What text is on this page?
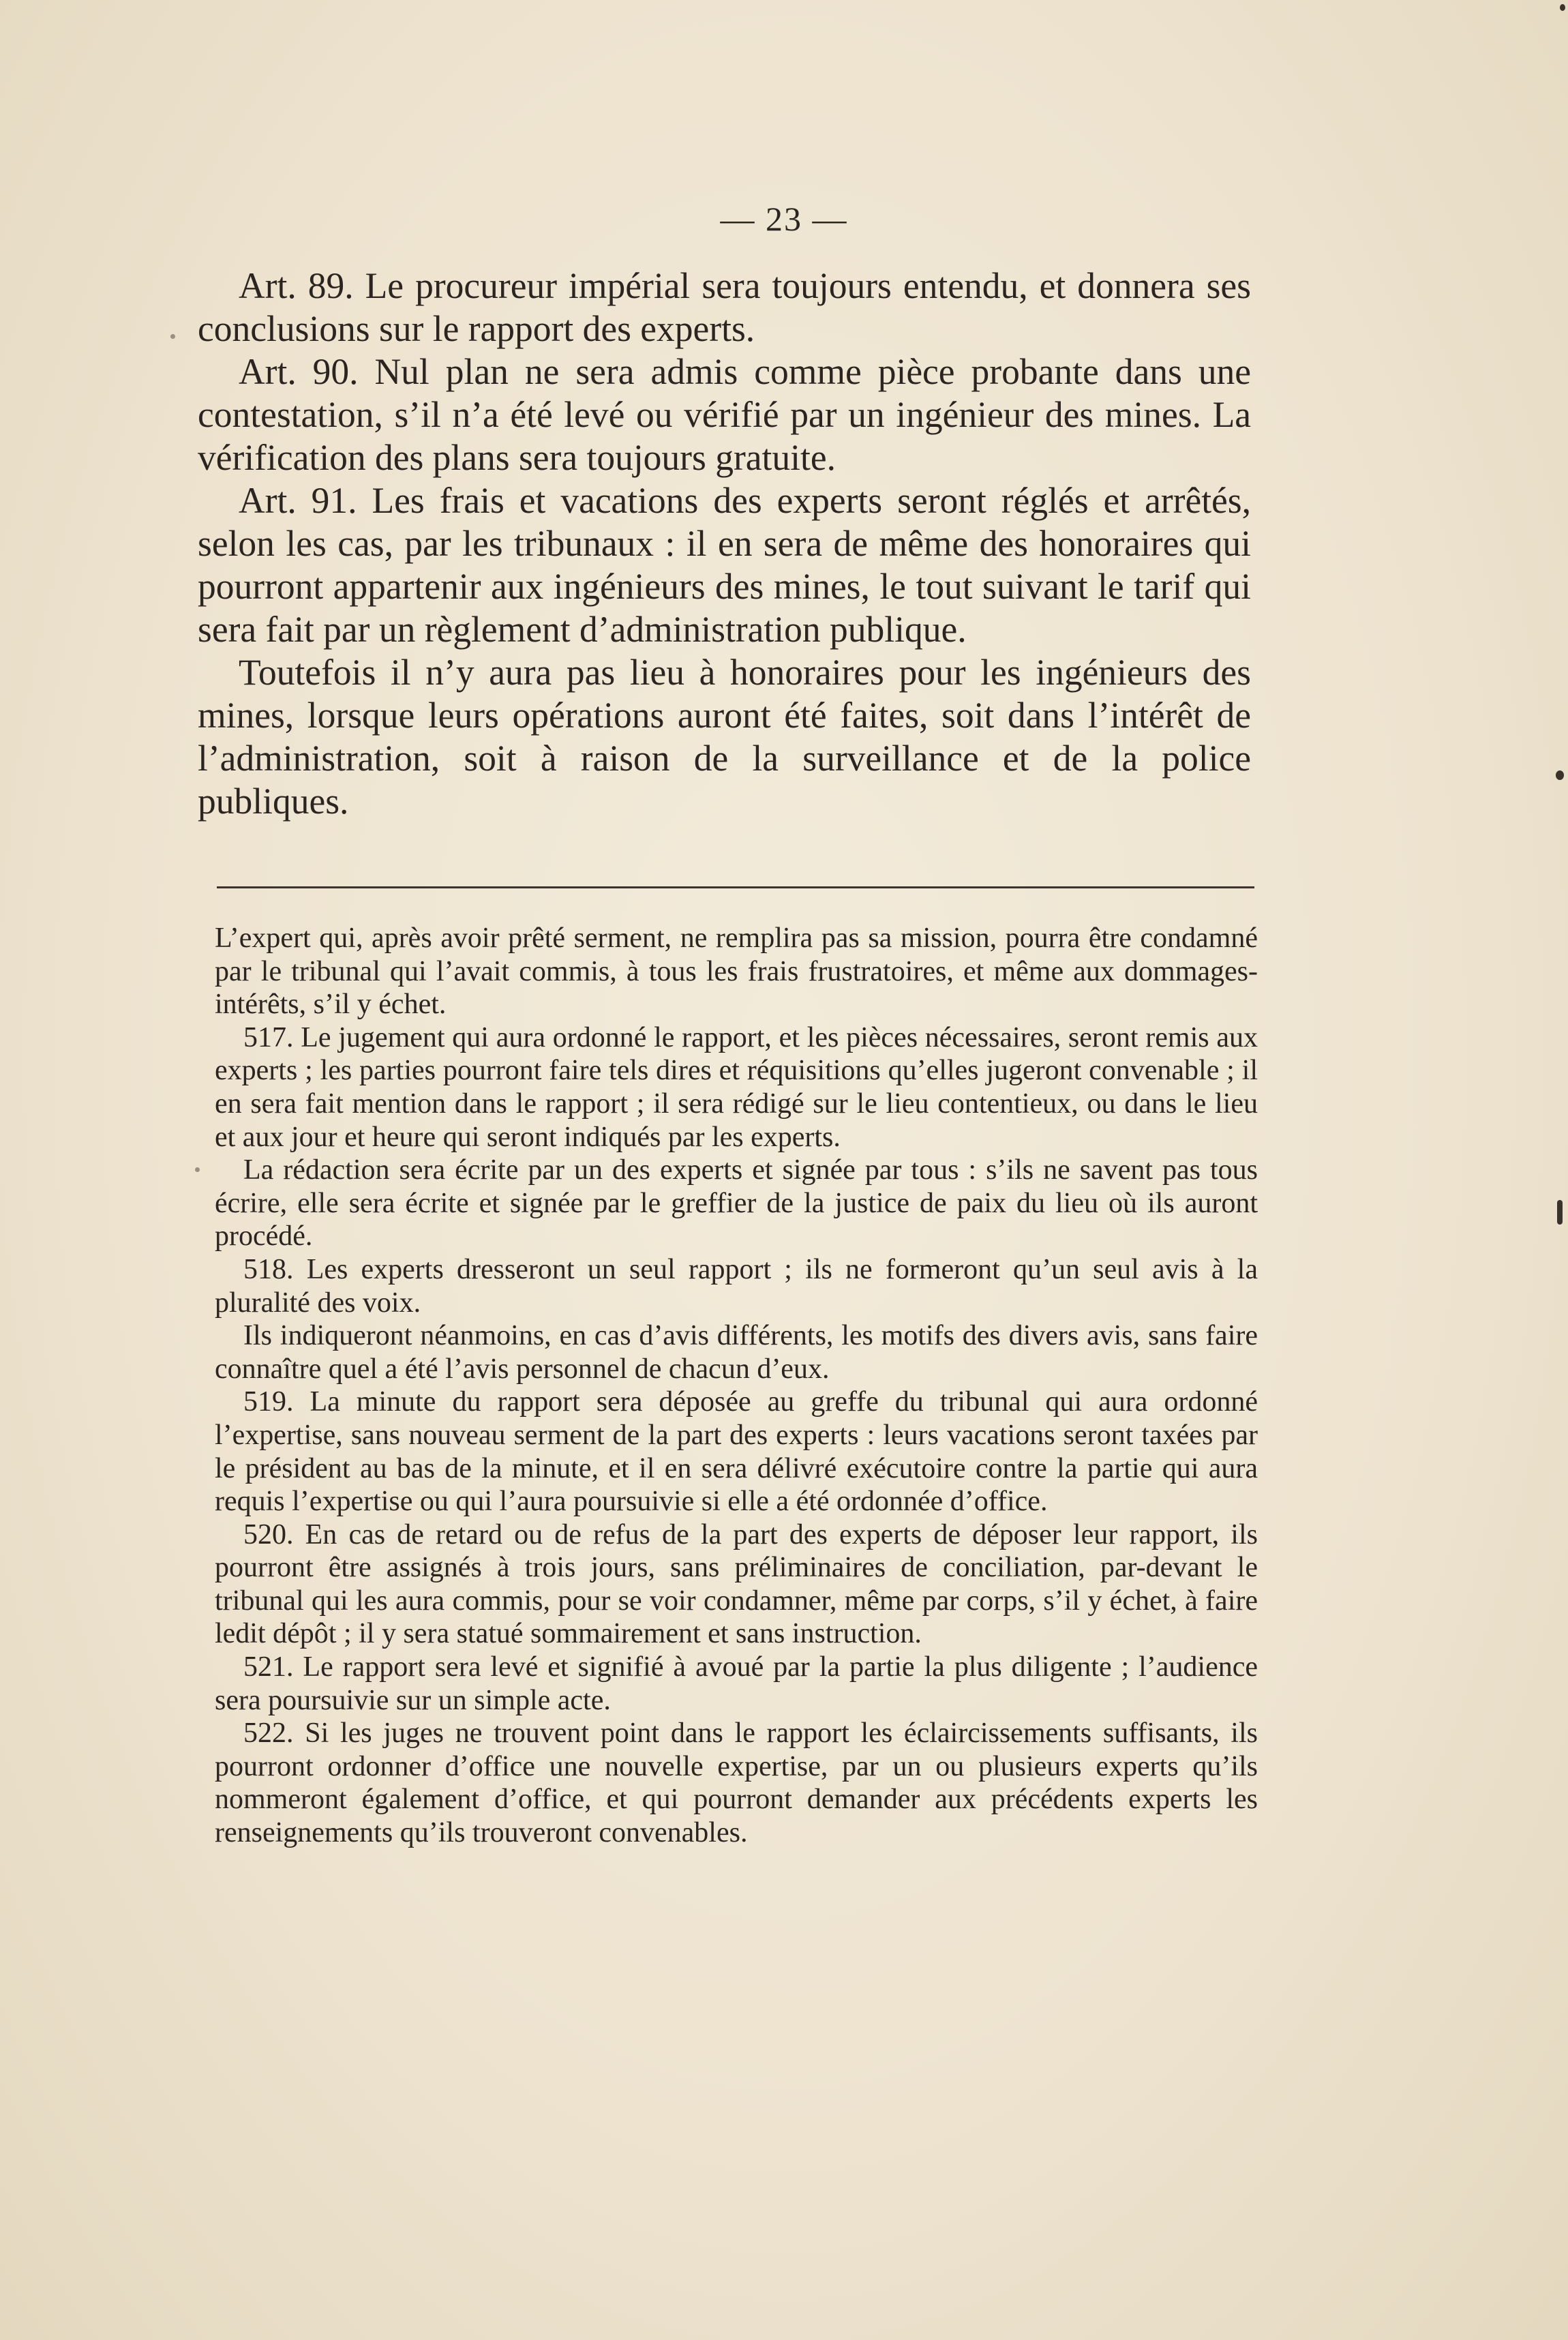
— 23 —

Art. 89. Le procureur impérial sera toujours entendu, et donnera ses conclusions sur le rapport des experts.

Art. 90. Nul plan ne sera admis comme pièce probante dans une contestation, s’il n’a été levé ou vérifié par un ingénieur des mines. La vérification des plans sera toujours gratuite.

Art. 91. Les frais et vacations des experts seront réglés et arrêtés, selon les cas, par les tribunaux : il en sera de même des honoraires qui pourront appartenir aux ingénieurs des mines, le tout suivant le tarif qui sera fait par un règlement d’administration publique.

Toutefois il n’y aura pas lieu à honoraires pour les ingénieurs des mines, lorsque leurs opérations auront été faites, soit dans l’intérêt de l’administration, soit à raison de la surveillance et de la police publiques.

L’expert qui, après avoir prêté serment, ne remplira pas sa mission, pourra être condamné par le tribunal qui l’avait commis, à tous les frais frustratoires, et même aux dommages-intérêts, s’il y échet.

517. Le jugement qui aura ordonné le rapport, et les pièces nécessaires, seront remis aux experts ; les parties pourront faire tels dires et réquisitions qu’elles jugeront convenable ; il en sera fait mention dans le rapport ; il sera rédigé sur le lieu contentieux, ou dans le lieu et aux jour et heure qui seront indiqués par les experts.

La rédaction sera écrite par un des experts et signée par tous : s’ils ne savent pas tous écrire, elle sera écrite et signée par le greffier de la justice de paix du lieu où ils auront procédé.

518. Les experts dresseront un seul rapport ; ils ne formeront qu’un seul avis à la pluralité des voix.

Ils indiqueront néanmoins, en cas d’avis différents, les motifs des divers avis, sans faire connaître quel a été l’avis personnel de chacun d’eux.

519. La minute du rapport sera déposée au greffe du tribunal qui aura ordonné l’expertise, sans nouveau serment de la part des experts : leurs vacations seront taxées par le président au bas de la minute, et il en sera délivré exécutoire contre la partie qui aura requis l’expertise ou qui l’aura poursuivie si elle a été ordonnée d’office.

520. En cas de retard ou de refus de la part des experts de déposer leur rapport, ils pourront être assignés à trois jours, sans préliminaires de conciliation, par-devant le tribunal qui les aura commis, pour se voir condamner, même par corps, s’il y échet, à faire ledit dépôt ; il y sera statué sommairement et sans instruction.

521. Le rapport sera levé et signifié à avoué par la partie la plus diligente ; l’audience sera poursuivie sur un simple acte.

522. Si les juges ne trouvent point dans le rapport les éclaircissements suffisants, ils pourront ordonner d’office une nouvelle expertise, par un ou plusieurs experts qu’ils nommeront également d’office, et qui pourront demander aux précédents experts les renseignements qu’ils trouveront convenables.
